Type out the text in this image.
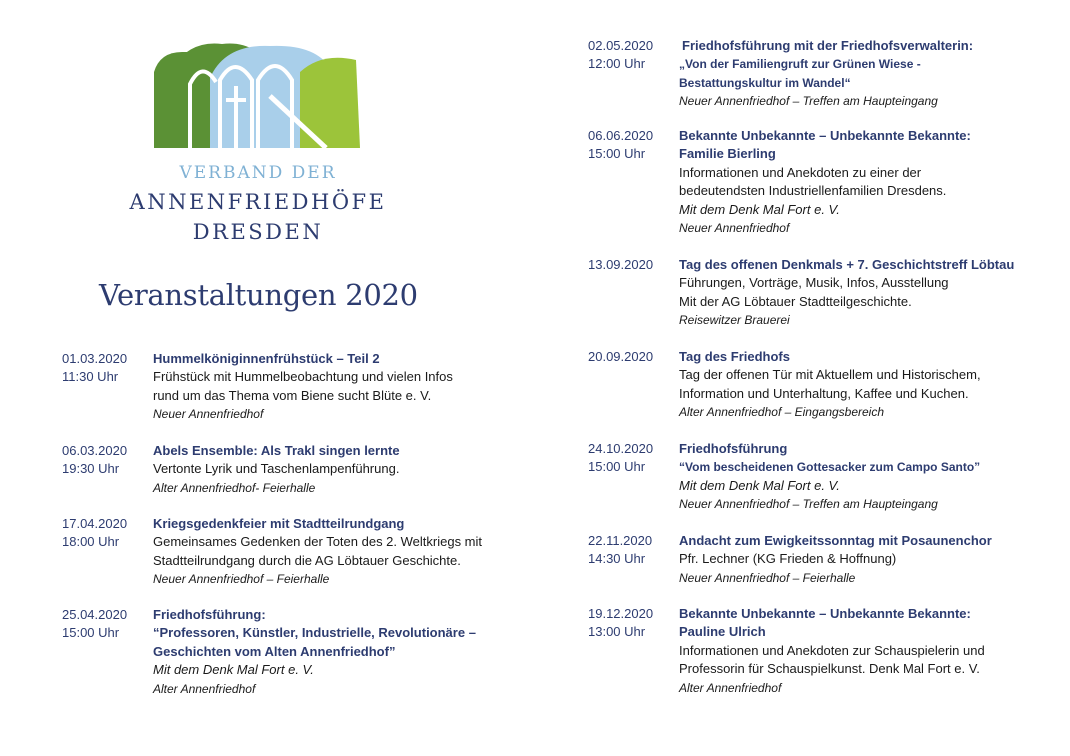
VERBAND DER
ANNENFRIEDHÖFE
DRESDEN
Veranstaltungen 2020
01.03.2020
11:30 Uhr
Hummelköniginnenfrühstück – Teil 2
Frühstück mit Hummelbeobachtung und vielen Infos
rund um das Thema vom Biene sucht Blüte e. V.
Neuer Annenfriedhof
06.03.2020
19:30 Uhr
Abels Ensemble: Als Trakl singen lernte
Vertonte Lyrik und Taschenlampenführung.
Alter Annenfriedhof- Feierhalle
17.04.2020
18:00 Uhr
Kriegsgedenkfeier mit Stadtteilrundgang
Gemeinsames Gedenken der Toten des 2. Weltkriegs mit
Stadtteilrundgang durch die AG Löbtauer Geschichte.
Neuer Annenfriedhof – Feierhalle
25.04.2020
15:00 Uhr
Friedhofsführung:
“Professoren, Künstler, Industrielle, Revolutionäre –
Geschichten vom Alten Annenfriedhof”
Mit dem Denk Mal Fort e. V.
Alter Annenfriedhof
02.05.2020
12:00 Uhr
Friedhofsführung mit der Friedhofsverwalterin:
„Von der Familiengruft zur Grünen Wiese -
Bestattungskultur im Wandel“
Neuer Annenfriedhof – Treffen am Haupteingang
06.06.2020
15:00 Uhr
Bekannte Unbekannte – Unbekannte Bekannte:
Familie Bierling
Informationen und Anekdoten zu einer der
bedeutendsten Industriellenfamilien Dresdens.
Mit dem Denk Mal Fort e. V.
Neuer Annenfriedhof
13.09.2020 Tag des offenen Denkmals + 7. Geschichtstreff Löbtau
Führungen, Vorträge, Musik, Infos, Ausstellung
Mit der AG Löbtauer Stadtteilgeschichte.
Reisewitzer Brauerei
20.09.2020 Tag des Friedhofs
Tag der offenen Tür mit Aktuellem und Historischem,
Information und Unterhaltung, Kaffee und Kuchen.
Alter Annenfriedhof – Eingangsbereich
24.10.2020
15:00 Uhr
Friedhofsführung
“Vom bescheidenen Gottesacker zum Campo Santo”
Mit dem Denk Mal Fort e. V.
Neuer Annenfriedhof – Treffen am Haupteingang
22.11.2020
14:30 Uhr
Andacht zum Ewigkeitssonntag mit Posaunenchor
Pfr. Lechner (KG Frieden & Hoffnung)
Neuer Annenfriedhof – Feierhalle
19.12.2020
13:00 Uhr
Bekannte Unbekannte – Unbekannte Bekannte:
Pauline Ulrich
Informationen und Anekdoten zur Schauspielerin und
Professorin für Schauspielkunst. Denk Mal Fort e. V.
Alter Annenfriedhof
